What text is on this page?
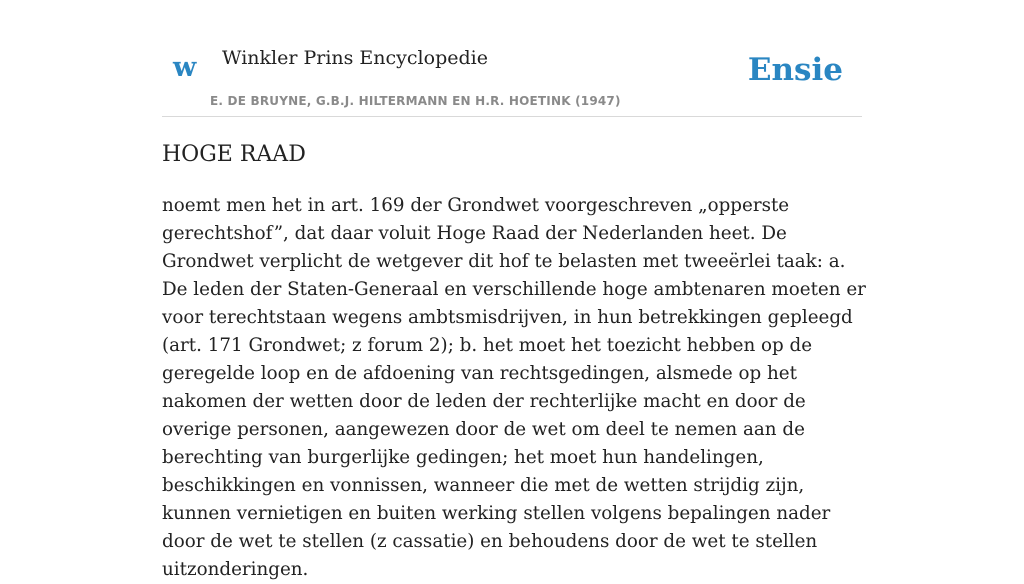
w Winkler Prins Encyclopedie
E. DE BRUYNE, G.B.J. HILTERMANN EN H.R. HOETINK (1947)
Ensie
HOGE RAAD

noemt men het in art. 169 der Grondwet voorgeschreven „opperste gerechtshof”, dat daar voluit Hoge Raad der Nederlanden heet. De Grondwet verplicht de wetgever dit hof te belasten met tweeërlei taak: a. De leden der Staten-Generaal en verschillende hoge ambtenaren moeten er voor terechtstaan wegens ambtsmisdrijven, in hun betrekkingen gepleegd (art. 171 Grondwet; z forum 2); b. het moet het toezicht hebben op de geregelde loop en de afdoening van rechtsgedingen, alsmede op het nakomen der wetten door de leden der rechterlijke macht en door de overige personen, aangewezen door de wet om deel te nemen aan de berechting van burgerlijke gedingen; het moet hun handelingen, beschikkingen en vonnissen, wanneer die met de wetten strijdig zijn, kunnen vernietigen en buiten werking stellen volgens bepalingen nader door de wet te stellen (z cassatie) en behoudens door de wet te stellen uitzonderingen.
